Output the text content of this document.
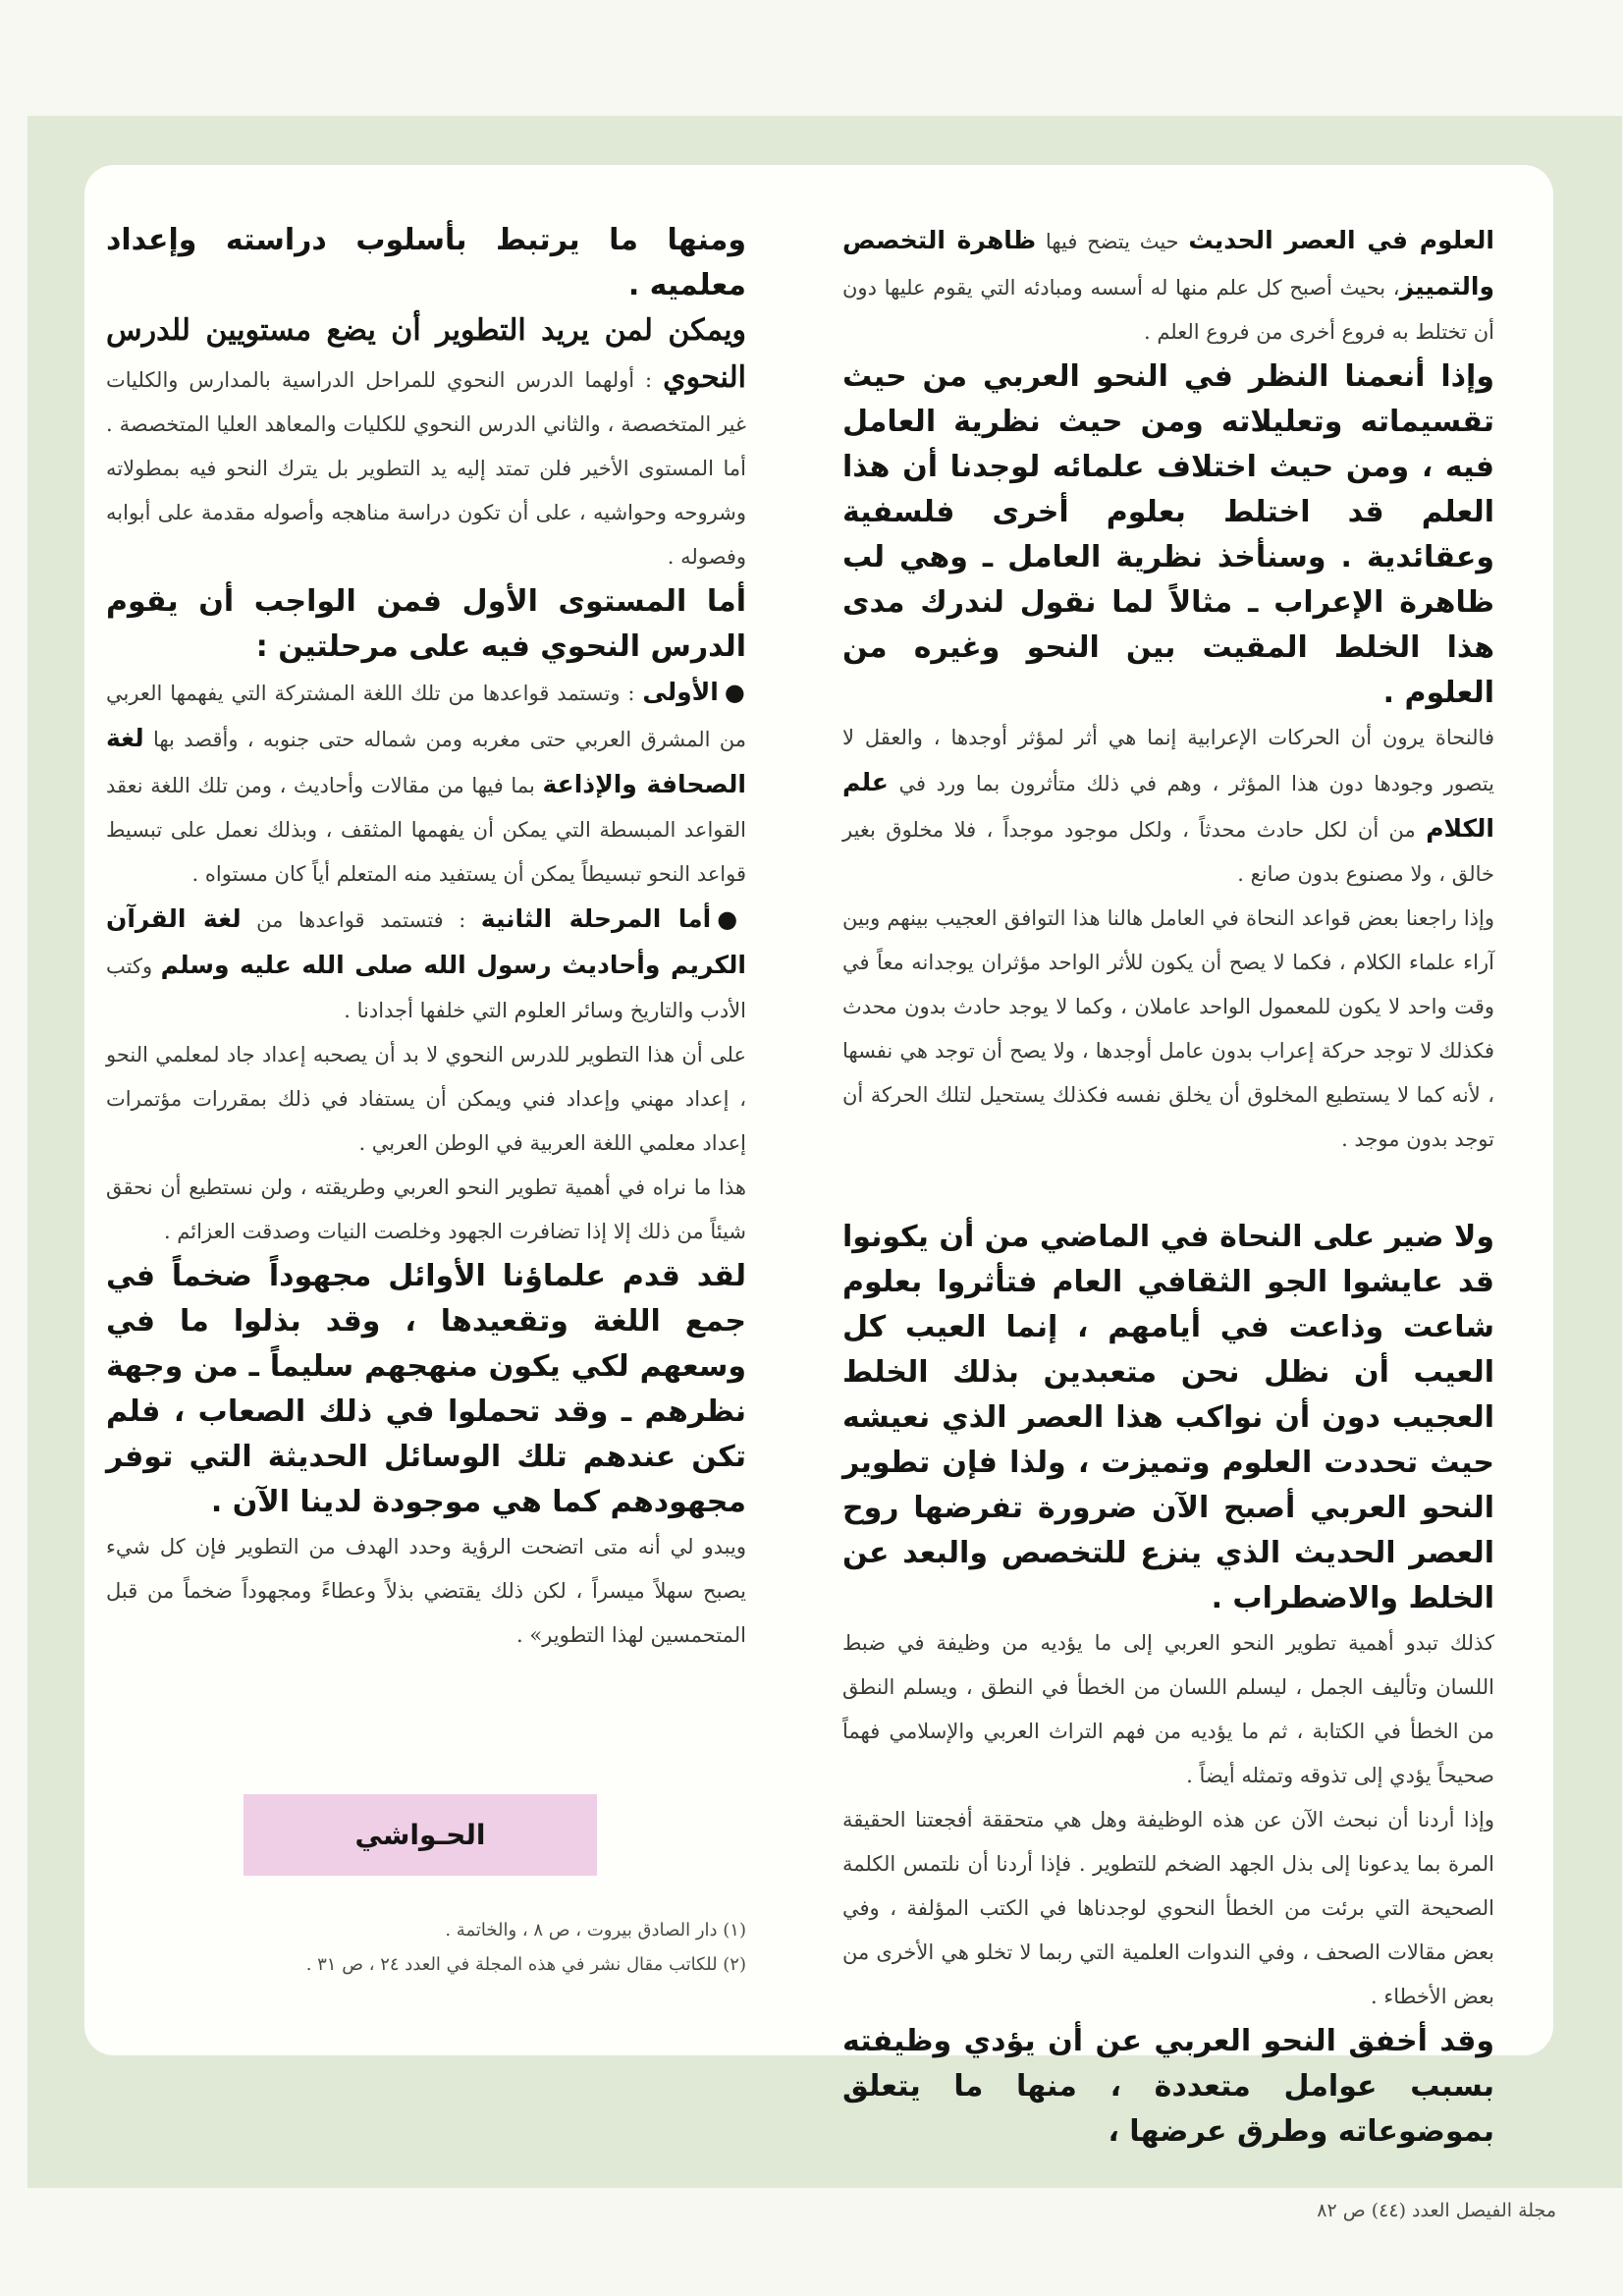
العلوم في العصر الحديث حيث يتضح فيها ظاهرة التخصص والتمييز، بحيث أصبح كل علم منها له أسسه ومبادئه التي يقوم عليها دون أن تختلط به فروع أخرى من فروع العلم .

وإذا أنعمنا النظر في النحو العربي من حيث تقسيماته وتعليلاته ومن حيث نظرية العامل فيه ، ومن حيث اختلاف علمائه لوجدنا أن هذا العلم قد اختلط بعلوم أخرى فلسفية وعقائدية . وسنأخذ نظرية العامل ـ وهي لب ظاهرة الإعراب ـ مثالاً لما نقول لندرك مدى هذا الخلط المقيت بين النحو وغيره من العلوم .

فالنحاة يرون أن الحركات الإعرابية إنما هي أثر لمؤثر أوجدها ، والعقل لا يتصور وجودها دون هذا المؤثر ، وهم في ذلك متأثرون بما ورد في علم الكلام من أن لكل حادث محدثاً ، ولكل موجود موجداً ، فلا مخلوق بغير خالق ، ولا مصنوع بدون صانع .

وإذا راجعنا بعض قواعد النحاة في العامل هالنا هذا التوافق العجيب بينهم وبين آراء علماء الكلام ، فكما لا يصح أن يكون للأثر الواحد مؤثران يوجدانه معاً في وقت واحد لا يكون للمعمول الواحد عاملان ، وكما لا يوجد حادث بدون محدث فكذلك لا توجد حركة إعراب بدون عامل أوجدها ، ولا يصح أن توجد هي نفسها ، لأنه كما لا يستطيع المخلوق أن يخلق نفسه فكذلك يستحيل لتلك الحركة أن توجد بدون موجد .

ولا ضير على النحاة في الماضي من أن يكونوا قد عايشوا الجو الثقافي العام فتأثروا بعلوم شاعت وذاعت في أيامهم ، إنما العيب كل العيب أن نظل نحن متعبدين بذلك الخلط العجيب دون أن نواكب هذا العصر الذي نعيشه حيث تحددت العلوم وتميزت ، ولذا فإن تطوير النحو العربي أصبح الآن ضرورة تفرضها روح العصر الحديث الذي ينزع للتخصص والبعد عن الخلط والاضطراب .

كذلك تبدو أهمية تطوير النحو العربي إلى ما يؤديه من وظيفة في ضبط اللسان وتأليف الجمل ، ليسلم اللسان من الخطأ في النطق ، ويسلم النطق من الخطأ في الكتابة ، ثم ما يؤديه من فهم التراث العربي والإسلامي فهماً صحيحاً يؤدي إلى تذوقه وتمثله أيضاً .

وإذا أردنا أن نبحث الآن عن هذه الوظيفة وهل هي متحققة أفجعتنا الحقيقة المرة بما يدعونا إلى بذل الجهد الضخم للتطوير . فإذا أردنا أن نلتمس الكلمة الصحيحة التي برئت من الخطأ النحوي لوجدناها في الكتب المؤلفة ، وفي بعض مقالات الصحف ، وفي الندوات العلمية التي ربما لا تخلو هي الأخرى من بعض الأخطاء .

وقد أخفق النحو العربي عن أن يؤدي وظيفته بسبب عوامل متعددة ، منها ما يتعلق بموضوعاته وطرق عرضها ،

ومنها ما يرتبط بأسلوب دراسته وإعداد معلميه .

ويمكن لمن يريد التطوير أن يضع مستويين للدرس النحوي : أولهما الدرس النحوي للمراحل الدراسية بالمدارس والكليات غير المتخصصة ، والثاني الدرس النحوي للكليات والمعاهد العليا المتخصصة . أما المستوى الأخير فلن تمتد إليه يد التطوير بل يترك النحو فيه بمطولاته وشروحه وحواشيه ، على أن تكون دراسة مناهجه وأصوله مقدمة على أبوابه وفصوله .

أما المستوى الأول فمن الواجب أن يقوم الدرس النحوي فيه على مرحلتين :

●الأولى : وتستمد قواعدها من تلك اللغة المشتركة التي يفهمها العربي من المشرق العربي حتى مغربه ومن شماله حتى جنوبه ، وأقصد بها لغة الصحافة والإذاعة بما فيها من مقالات وأحاديث ، ومن تلك اللغة نعقد القواعد المبسطة التي يمكن أن يفهمها المثقف ، وبذلك نعمل على تبسيط قواعد النحو تبسيطاً يمكن أن يستفيد منه المتعلم أياً كان مستواه .

●أما المرحلة الثانية : فتستمد قواعدها من لغة القرآن الكريم وأحاديث رسول الله صلى الله عليه وسلم وكتب الأدب والتاريخ وسائر العلوم التي خلفها أجدادنا .

على أن هذا التطوير للدرس النحوي لا بد أن يصحبه إعداد جاد لمعلمي النحو ، إعداد مهني وإعداد فني ويمكن أن يستفاد في ذلك بمقررات مؤتمرات إعداد معلمي اللغة العربية في الوطن العربي .

هذا ما نراه في أهمية تطوير النحو العربي وطريقته ، ولن نستطيع أن نحقق شيئاً من ذلك إلا إذا تضافرت الجهود وخلصت النيات وصدقت العزائم .

لقد قدم علماؤنا الأوائل مجهوداً ضخماً في جمع اللغة وتقعيدها ، وقد بذلوا ما في وسعهم لكي يكون منهجهم سليماً ـ من وجهة نظرهم ـ وقد تحملوا في ذلك الصعاب ، فلم تكن عندهم تلك الوسائل الحديثة التي توفر مجهودهم كما هي موجودة لدينا الآن .

ويبدو لي أنه متى اتضحت الرؤية وحدد الهدف من التطوير فإن كل شيء يصبح سهلاً ميسراً ، لكن ذلك يقتضي بذلاً وعطاءً ومجهوداً ضخماً من قبل المتحمسين لهذا التطوير» .

الحـواشي
(١) دار الصادق بيروت ، ص ٨ ، والخاتمة .
(٢) للكاتب مقال نشر في هذه المجلة في العدد ٢٤ ، ص ٣١ .
مجلة الفيصل العدد (٤٤) ص ٨٢
